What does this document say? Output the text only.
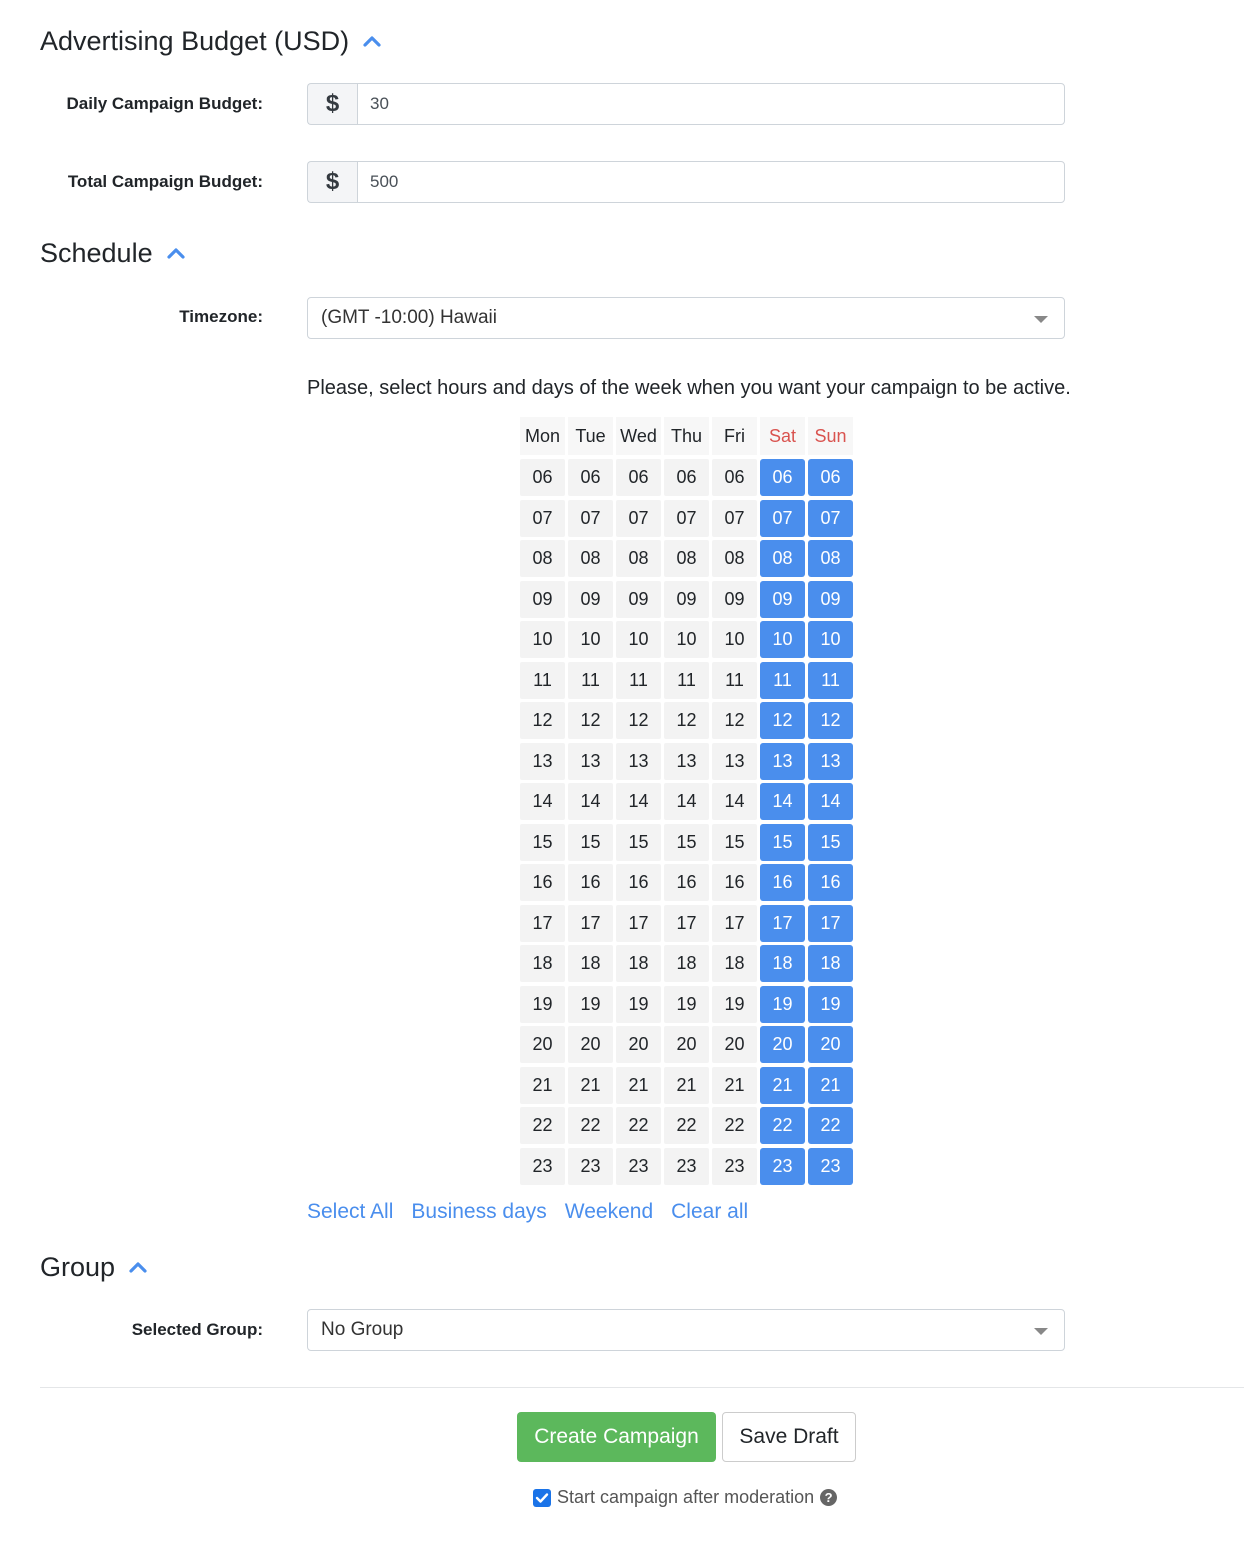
Advertising Budget (USD)
Daily Campaign Budget:	$
30
Total Campaign Budget:	$
500
Schedule
Timezone:	(GMT -10:00) Hawaii
Please, select hours and days of the week when you want your campaign to be active.
Mon Tue Wed Thu	Fri	Sat	Sun
06	06	06	06	06	06	06
07	07	07	07	07	07	07
08	08	08	08	08	08	08
09	09	09	09	09	09	09
10	10	10	10	10	10	10
11	11	11	11	11	11	11
12	12	12	12	12	12	12
13	13	13	13	13	13	13
14	14	14	14	14	14	14
15	15	15	15	15	15	15
16	16	16	16	16	16	16
17	17	17	17	17	17	17
18	18	18	18	18	18	18
19	19	19	19	19	19	19
20	20	20	20	20	20	20
21	21	21	21	21	21	21
22	22	22	22	22	22	22
23	23	23	23	23	23	23
Select All Business days Weekend Clear all
Group
Selected Group:	No Group
Create Campaign	Save Draft
Start campaign after moderation ?
